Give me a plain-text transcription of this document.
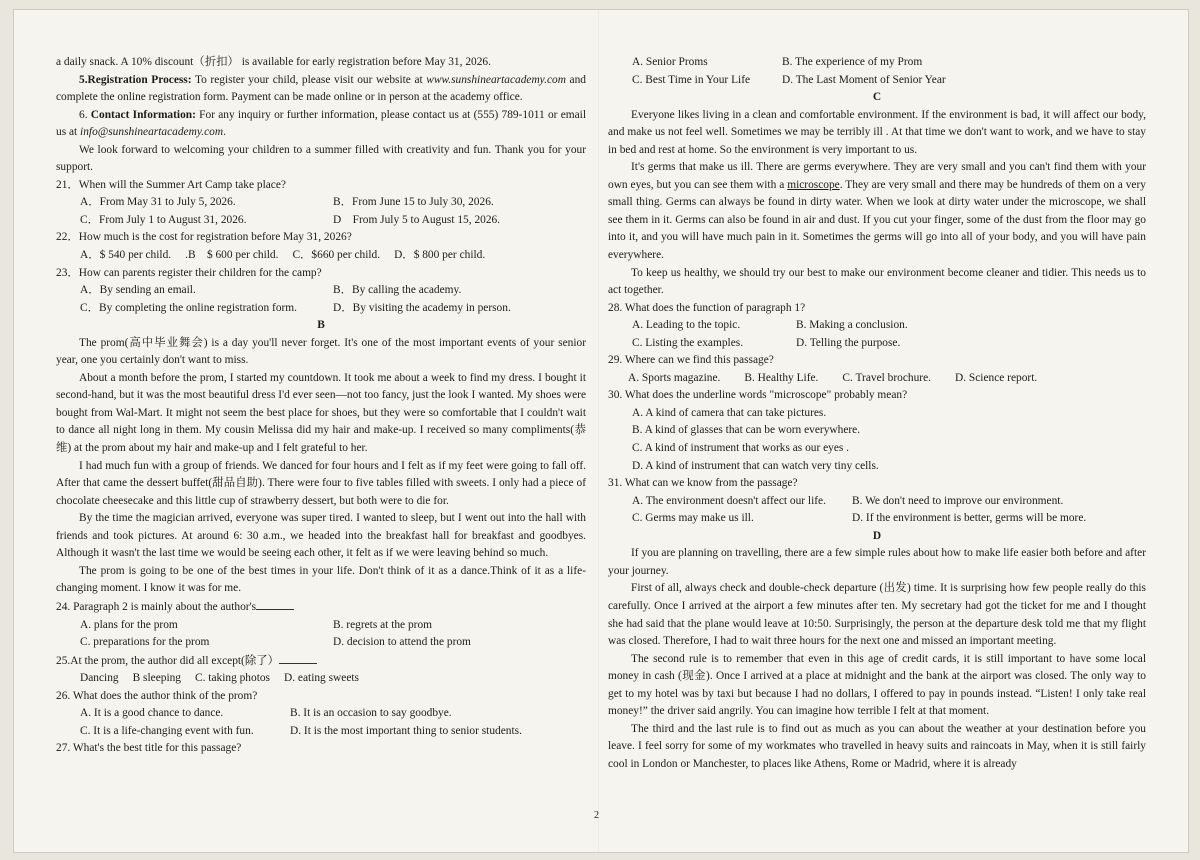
a daily snack. A 10% discount（折扣） is available for early registration before May 31, 2026.

5.Registration Process: To register your child, please visit our website at www.sunshineartacademy.com and complete the online registration form. Payment can be made online or in person at the academy office.

6. Contact Information: For any inquiry or further information, please contact us at (555) 789-1011 or email us at info@sunshineartacademy.com.

We look forward to welcoming your children to a summer filled with creativity and fun. Thank you for your support.

21．When will the Summer Art Camp take place?

A．From May 31 to July 5, 2026.	B．From June 15 to July 30, 2026.
C．From July 1 to August 31, 2026.	D　From July 5 to August 15, 2026.

22．How much is the cost for registration before May 31, 2026?

A．$ 540 per child. .B　$ 600 per child. C．$660 per child. D．$ 800 per child.

23．How can parents register their children for the camp?

A．By sending an email.	B．By calling the academy.
C．By completing the online registration form.	D．By visiting the academy in person.

B

The prom(高中毕业舞会) is a day you'll never forget. It's one of the most important events of your senior year, one you certainly don't want to miss.

About a month before the prom, I started my countdown. It took me about a week to find my dress. I bought it second-hand, but it was the most beautiful dress I'd ever seen—not too fancy, just the look I wanted. My shoes were bought from Wal-Mart. It might not seem the best place for shoes, but they were so comfortable that I couldn't wait to dance all night long in them. My cousin Melissa did my hair and make-up. I received so many compliments(恭维) at the prom about my hair and make-up and I felt grateful to her.

I had much fun with a group of friends. We danced for four hours and I felt as if my feet were going to fall off. After that came the dessert buffet(甜品自助). There were four to five tables filled with sweets. I only had a piece of chocolate cheesecake and this little cup of strawberry dessert, but both were to die for.

By the time the magician arrived, everyone was super tired. I wanted to sleep, but I went out into the hall with friends and took pictures. At around 6: 30 a.m., we headed into the breakfast hall for breakfast and goodbyes. Although it wasn't the last time we would be seeing each other, it felt as if we were leaving behind so much.

The prom is going to be one of the best times in your life. Don't think of it as a dance.Think of it as a life-changing moment. I know it was for me.

24. Paragraph 2 is mainly about the author's

A. plans for the prom	B. regrets at the prom
C. preparations for the prom	D. decision to attend the prom

25.At the prom, the author did all except(除了）

Dancing B sleeping C. taking photos D. eating sweets

26. What does the author think of the prom?

A. It is a good chance to dance.	B. It is an occasion to say goodbye.
C. It is a life-changing event with fun.	D. It is the most important thing to senior students.

27. What's the best title for this passage?

A. Senior Proms	B. The experience of my Prom
C. Best Time in Your Life	D. The Last Moment of Senior Year

C

Everyone likes living in a clean and comfortable environment. If the environment is bad, it will affect our body, and make us not feel well. Sometimes we may be terribly ill . At that time we don't want to work, and we have to stay in bed and rest at home. So the environment is very important to us.

It's germs that make us ill. There are germs everywhere. They are very small and you can't find them with your own eyes, but you can see them with a microscope. They are very small and there may be hundreds of them on a very small thing. Germs can always be found in dirty water. When we look at dirty water under the microscope, we shall see them in it. Germs can also be found in air and dust. If you cut your finger, some of the dust from the floor may go into it, and you will have much pain in it. Sometimes the germs will go into all of your body, and you will have pain everywhere.

To keep us healthy, we should try our best to make our environment become cleaner and tidier. This needs us to act together.

28. What does the function of paragraph 1?

A. Leading to the topic.	B. Making a conclusion.
C. Listing the examples.	D. Telling the purpose.

29. Where can we find this passage?

A. Sports magazine. B. Healthy Life. C. Travel brochure. D. Science report.

30. What does the underline words "microscope" probably mean?

A. A kind of camera that can take pictures.
B. A kind of glasses that can be worn everywhere.
C. A kind of instrument that works as our eyes .
D. A kind of instrument that can watch very tiny cells.

31. What can we know from the passage?

A. The environment doesn't affect our life.	B. We don't need to improve our environment.
C. Germs may make us ill.	D. If the environment is better, germs will be more.

D

If you are planning on travelling, there are a few simple rules about how to make life easier both before and after your journey.

First of all, always check and double-check departure (出发) time. It is surprising how few people really do this carefully. Once I arrived at the airport a few minutes after ten. My secretary had got the ticket for me and I thought she had said that the plane would leave at 10:50. Surprisingly, the person at the departure desk told me that my flight was closed. Therefore, I had to wait three hours for the next one and missed an important meeting.

The second rule is to remember that even in this age of credit cards, it is still important to have some local money in cash (现金). Once I arrived at a place at midnight and the bank at the airport was closed. The only way to get to my hotel was by taxi but because I had no dollars, I offered to pay in pounds instead. “Listen! I only take real money!” the driver said angrily. You can imagine how terrible I felt at that moment.

The third and the last rule is to find out as much as you can about the weather at your destination before you leave. I feel sorry for some of my workmates who travelled in heavy suits and raincoats in May, when it is still fairly cool in London or Manchester, to places like Athens, Rome or Madrid, where it is already

2
